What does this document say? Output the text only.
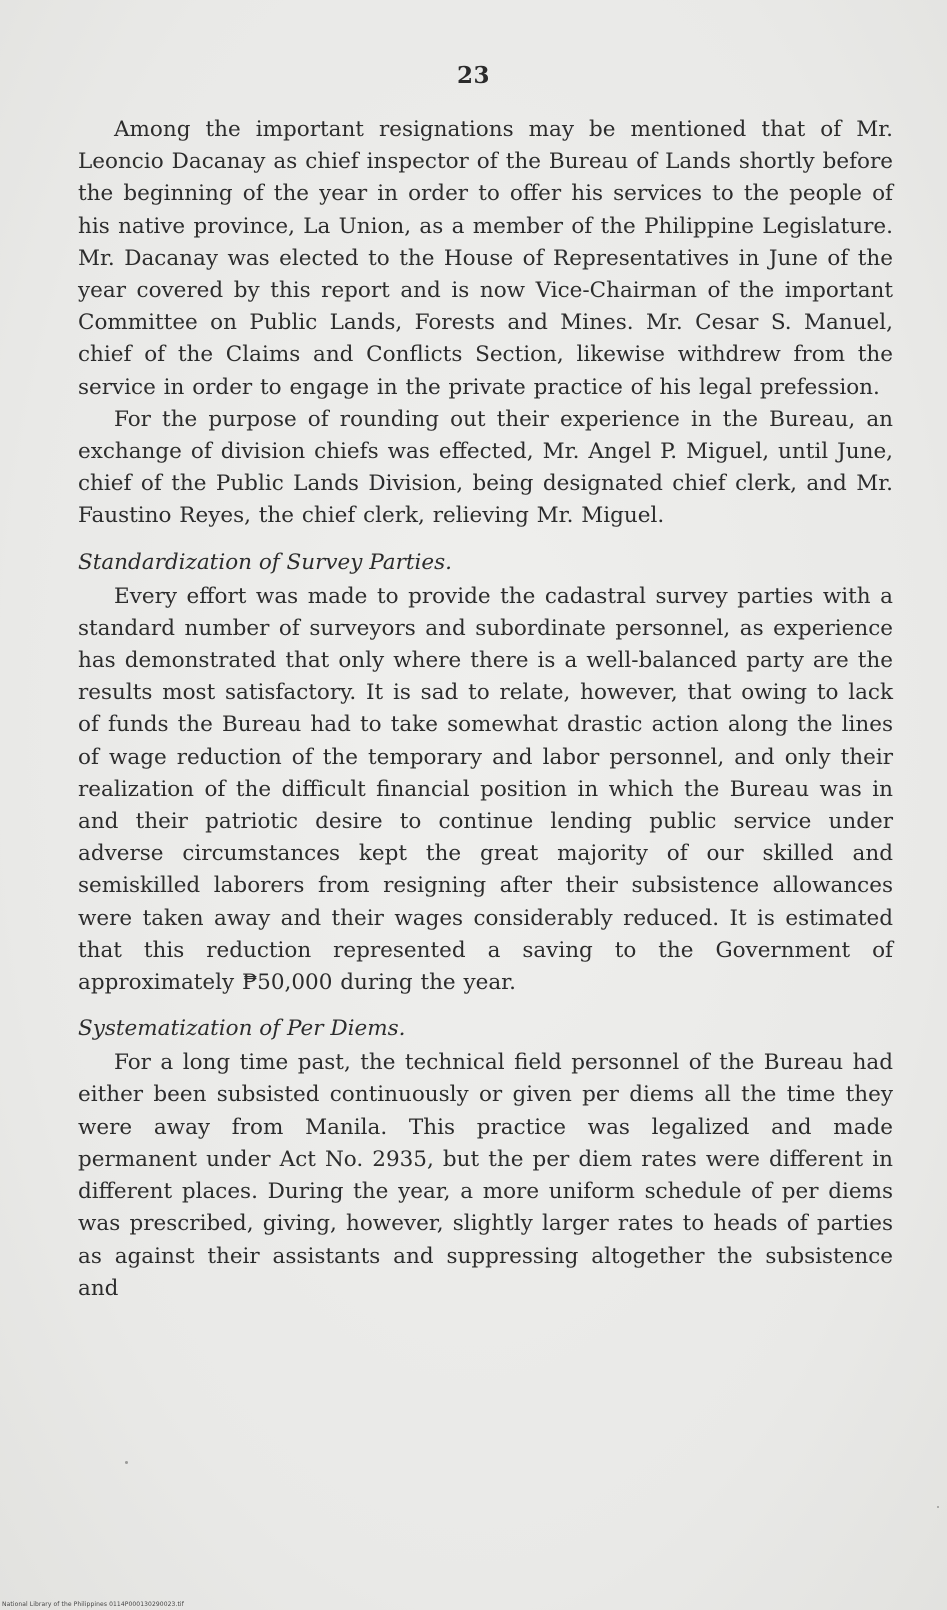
23

Among the important resignations may be mentioned that of Mr. Leoncio Dacanay as chief inspector of the Bureau of Lands shortly before the beginning of the year in order to offer his services to the people of his native province, La Union, as a member of the Philippine Legislature. Mr. Dacanay was elected to the House of Representatives in June of the year covered by this report and is now Vice-Chairman of the important Committee on Public Lands, Forests and Mines. Mr. Cesar S. Manuel, chief of the Claims and Conflicts Section, likewise withdrew from the service in order to engage in the private practice of his legal prefession.

For the purpose of rounding out their experience in the Bureau, an exchange of division chiefs was effected, Mr. Angel P. Miguel, until June, chief of the Public Lands Division, being designated chief clerk, and Mr. Faustino Reyes, the chief clerk, relieving Mr. Miguel.

Standardization of Survey Parties.

Every effort was made to provide the cadastral survey parties with a standard number of surveyors and subordinate personnel, as experience has demonstrated that only where there is a well-balanced party are the results most satisfactory. It is sad to relate, however, that owing to lack of funds the Bureau had to take somewhat drastic action along the lines of wage reduction of the temporary and labor personnel, and only their realization of the difficult financial position in which the Bureau was in and their patriotic desire to continue lending public service under adverse circumstances kept the great majority of our skilled and semiskilled laborers from resigning after their subsistence allowances were taken away and their wages considerably reduced. It is estimated that this reduction represented a saving to the Government of approximately ₱50,000 during the year.

Systematization of Per Diems.

For a long time past, the technical field personnel of the Bureau had either been subsisted continuously or given per diems all the time they were away from Manila. This practice was legalized and made permanent under Act No. 2935, but the per diem rates were different in different places. During the year, a more uniform schedule of per diems was prescribed, giving, however, slightly larger rates to heads of parties as against their assistants and suppressing altogether the subsistence and

National Library of the Philippines 0114P000130290023.tif
